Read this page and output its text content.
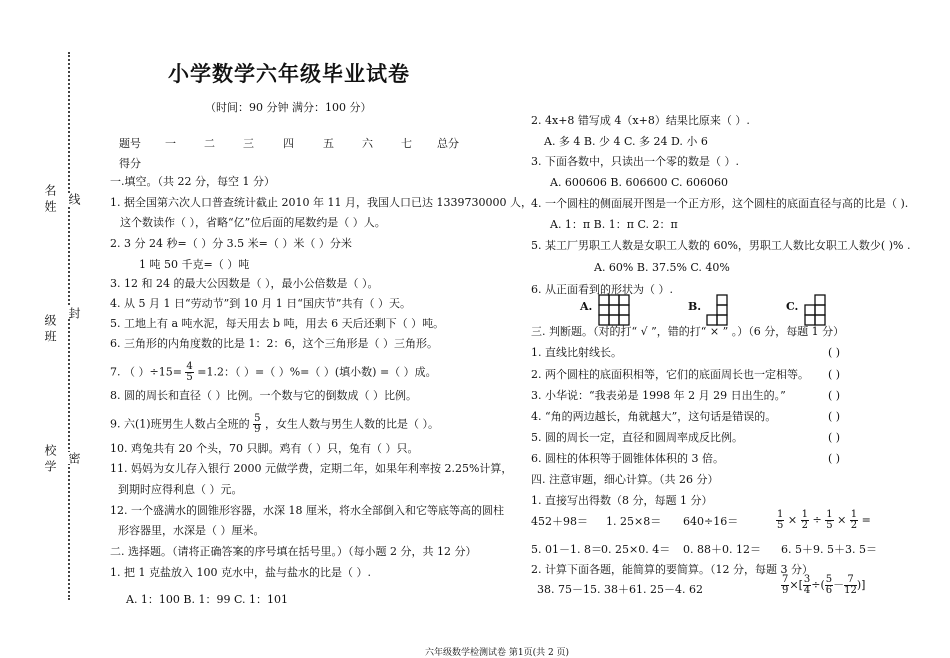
名 姓 线
级 班
封
校 学 密
小学数学六年级毕业试卷
（时间：90 分钟 满分：100 分）
题号 一	二	三	四	五	六	七 总分
得分
一.填空。（共 22 分，每空 1 分）
1. 据全国第六次人口普查统计截止 2010 年 11 月，我国人口已达 1339730000 人，
这个数读作（ ），省略“亿”位后面的尾数约是（ ）人。
2. 3 分 24 秒=（ ）分 3.5 米=（ ）米（ ）分米
1 吨 50 千克=（ ）吨
3. 12 和 24 的最大公因数是（ ），最小公倍数是（ ）。
4. 从 5 月 1 日“劳动节”到 10 月 1 日“国庆节”共有（ ）天。
5. 工地上有 a 吨水泥，每天用去 b 吨，用去 6 天后还剩下（ ）吨。
6. 三角形的内角度数的比是 1：2：6，这个三角形是（ ）三角形。
7. （ ）$\div 15= \frac{4}{5} =1.2$：（ ）=（ ）%=（ ）(填小数) =（ ）成。
8. 圆的周长和直径（ ）比例。一个数与它的倒数成（ ）比例。
9. 六(1)班男生人数占全班的 $\frac{5}{9}$ ，女生人数与男生人数的比是（ ）。
10. 鸡兔共有 20 个头，70 只脚。鸡有（ ）只，兔有（ ）只。
11. 妈妈为女儿存入银行 2000 元做学费，定期二年，如果年利率按 2.25%计算，
到期时应得利息（ ）元。
12. 一个盛满水的圆锥形容器，水深 18 厘米，将水全部倒入和它等底等高的圆柱
形容器里，水深是（ ）厘米。
二. 选择题。（请将正确答案的序号填在括号里。）（每小题 2 分，共 12 分）
1. 把 1 克盐放入 100 克水中，盐与盐水的比是（ ）.
A. 1：100 B. 1：99 C. 1：101
2. 4x+8 错写成 4（x+8）结果比原来（ ）.
A. 多 4 B. 少 4 C. 多 24 D. 小 6
3. 下面各数中，只读出一个零的数是（ ）.
A. 600606 B. 606600 C. 606060
4. 一个圆柱的侧面展开图是一个正方形，这个圆柱的底面直径与高的比是（ ).
A. 1：π B. 1：π C. 2：π
5. 某工厂男职工人数是女职工人数的 60%，男职工人数比女职工人数少( )% .
A. 60% B. 37.5% C. 40%
6. 从正面看到的形状为（ ）.
A.	B.	C.
三. 判断题。（对的打“ √ ”，错的打“ × ” 。）（6 分，每题 1 分）
1. 直线比射线长。	( )
2. 两个圆柱的底面积相等，它们的底面周长也一定相等。 ( )
3. 小华说：“我表弟是 1998 年 2 月 29 日出生的。”	( )
4. “角的两边越长，角就越大”，这句话是错误的。	( )
5. 圆的周长一定，直径和圆周率成反比例。	( )
6. 圆柱的体积等于圆锥体体积的 3 倍。	( )
四. 注意审题，细心计算。（共 26 分）
1. 直接写出得数（8 分，每题 1 分）
452＋98＝ 1. 25×8＝ 640÷16＝	$\frac{1}{5} \times \frac{1}{2} \div \frac{1}{5} \times \frac{1}{2}$ =
5. 01－1. 8＝ 0. 25×0. 4＝ 0. 88＋0. 12＝ 6. 5＋9. 5＋3. 5＝
2. 计算下面各题，能简算的要简算。（12 分，每题 3 分）
38. 75－15. 38＋61. 25－4. 62	$\frac{7}{9}$ ×[ $\frac{3}{4}$ ÷( $\frac{5}{6} - \frac{7}{12}$ )]
六年级数学检测试卷 第1页(共 2 页)
